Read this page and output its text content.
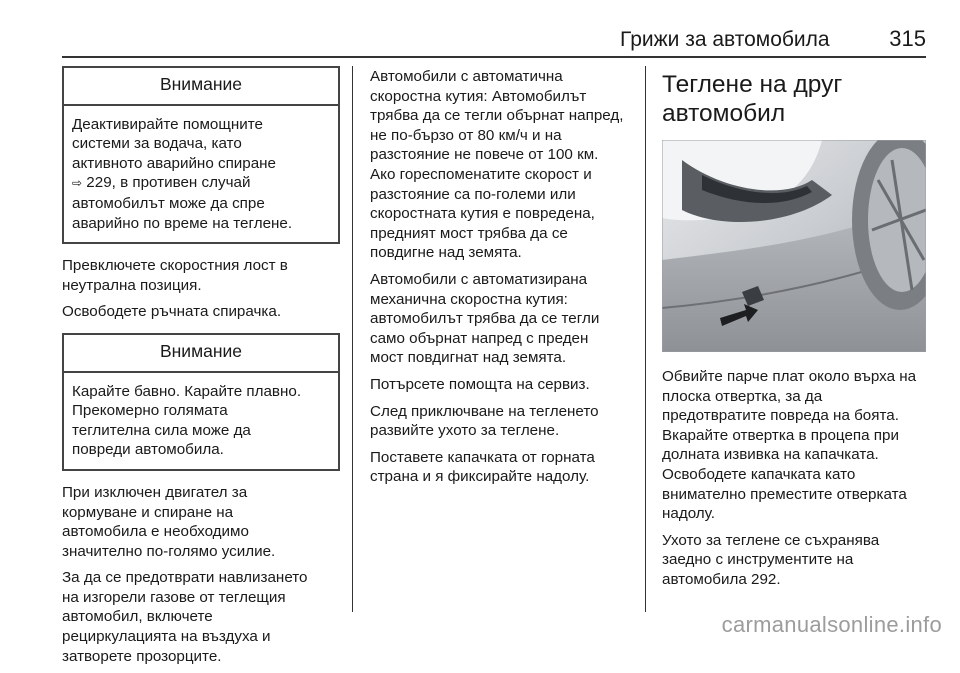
Грижи за автомобила	315
Внимание
Деактивирайте помощните
системи за водача, като
активното аварийно спиране
⇨ 229, в противен случай
автомобилът може да спре
аварийно по време на теглене.

Превключете скоростния лост в
неутрална позиция.

Освободете ръчната спирачка.

Внимание
Карайте бавно. Карайте плавно.
Прекомерно голямата
теглителна сила може да
повреди автомобила.

При изключен двигател за
кормуване и спиране на
автомобила е необходимо
значително по-голямо усилие.

За да се предотврати навлизането
на изгорели газове от теглещия
автомобил, включете
рециркулацията на въздуха и
затворете прозорците.

Автомобили с автоматична
скоростна кутия: Автомобилът
трябва да се тегли объpнат напред,
не по-бързо от 80 км/ч и на
разстояние не повече от 100 км.
Ако гореспоменатите скорост и
разстояние са по-големи или
скоростната кутия е повредена,
предният мост трябва да се
повдигне над земята.

Автомобили с автоматизирана
механична скоростна кутия:
автомобилът трябва да се тегли
само обърнат напред с преден
мост повдигнат над земята.

Потърсете помощта на сервиз.

След приключване на тегленето
развийте ухото за теглене.

Поставете капачката от горната
страна и я фиксирайте надолу.

Теглене на друг
автомобил

Обвийте парче плат около върха на
плоска отвертка, за да
предотвратите повреда на боята.
Вкарайте отвертка в процепа при
долната извивка на капачката.
Освободете капачката като
внимателно преместите отверката
надолу.

Ухото за теглене се съхранява
заедно с инструментите на
автомобила 292.

carmanualsonline.info
